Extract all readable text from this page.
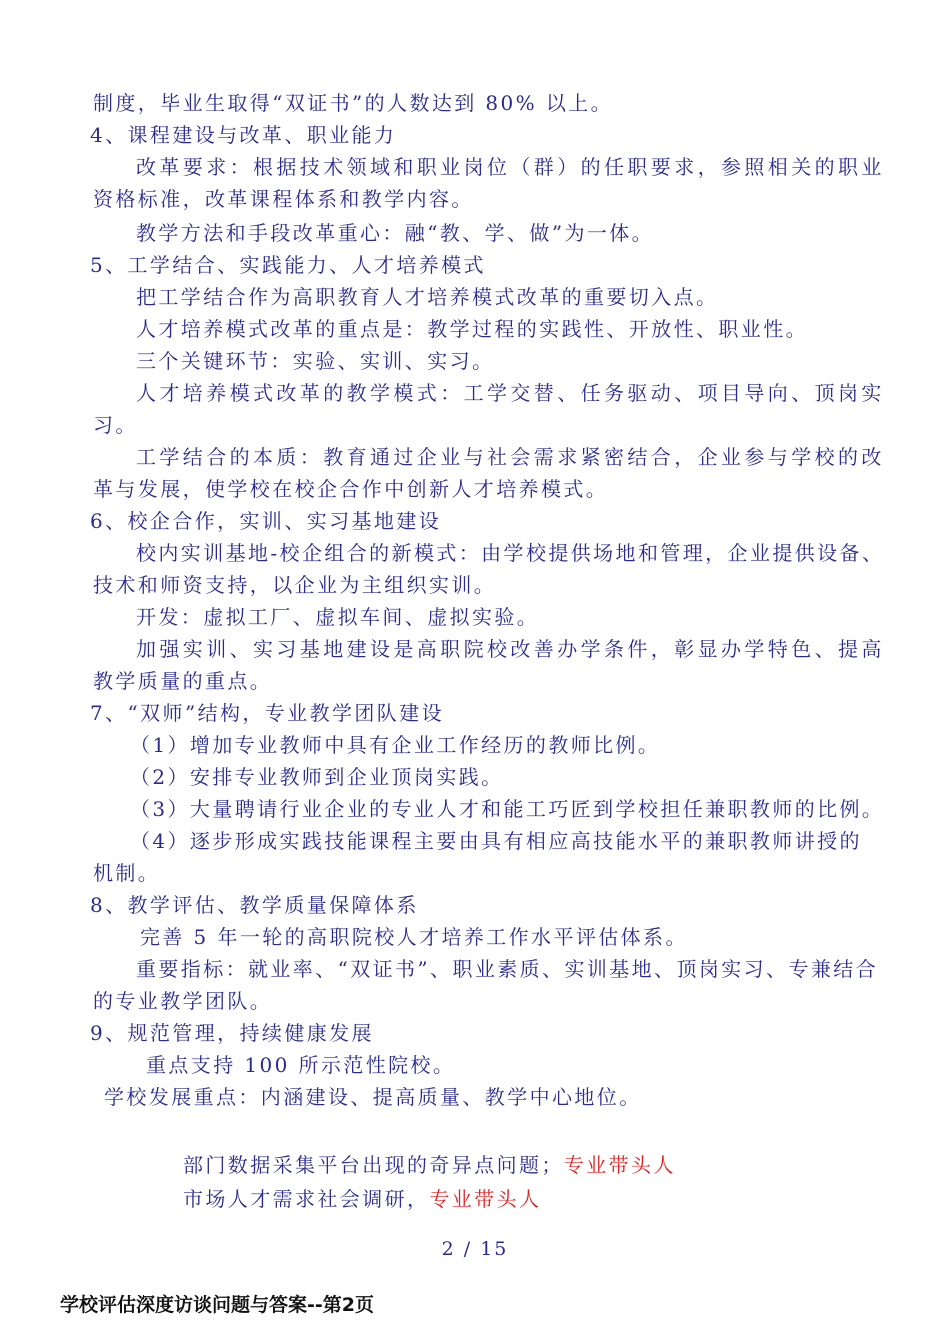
制度，毕业生取得“双证书”的人数达到 80% 以上。
4、课程建设与改革、职业能力
改革要求：根据技术领域和职业岗位（群）的任职要求，参照相关的职业
资格标准，改革课程体系和教学内容。
教学方法和手段改革重心：融“教、学、做”为一体。
5、工学结合、实践能力、人才培养模式
把工学结合作为高职教育人才培养模式改革的重要切入点。
人才培养模式改革的重点是：教学过程的实践性、开放性、职业性。
三个关键环节：实验、实训、实习。
人才培养模式改革的教学模式：工学交替、任务驱动、项目导向、顶岗实
习。
工学结合的本质：教育通过企业与社会需求紧密结合，企业参与学校的改
革与发展，使学校在校企合作中创新人才培养模式。
6、校企合作，实训、实习基地建设
校内实训基地-校企组合的新模式：由学校提供场地和管理，企业提供设备、
技术和师资支持，以企业为主组织实训。
开发：虚拟工厂、虚拟车间、虚拟实验。
加强实训、实习基地建设是高职院校改善办学条件，彰显办学特色、提高
教学质量的重点。
7、“双师”结构，专业教学团队建设
（1）增加专业教师中具有企业工作经历的教师比例。
（2）安排专业教师到企业顶岗实践。
（3）大量聘请行业企业的专业人才和能工巧匠到学校担任兼职教师的比例。
（4）逐步形成实践技能课程主要由具有相应高技能水平的兼职教师讲授的
机制。
8、教学评估、教学质量保障体系
完善 5 年一轮的高职院校人才培养工作水平评估体系。
重要指标：就业率、“双证书”、职业素质、实训基地、顶岗实习、专兼结合
的专业教学团队。
9、规范管理，持续健康发展
重点支持 100 所示范性院校。
学校发展重点：内涵建设、提高质量、教学中心地位。
部门数据采集平台出现的奇异点问题；专业带头人
市场人才需求社会调研，专业带头人
2 / 15
学校评估深度访谈问题与答案--第2页
